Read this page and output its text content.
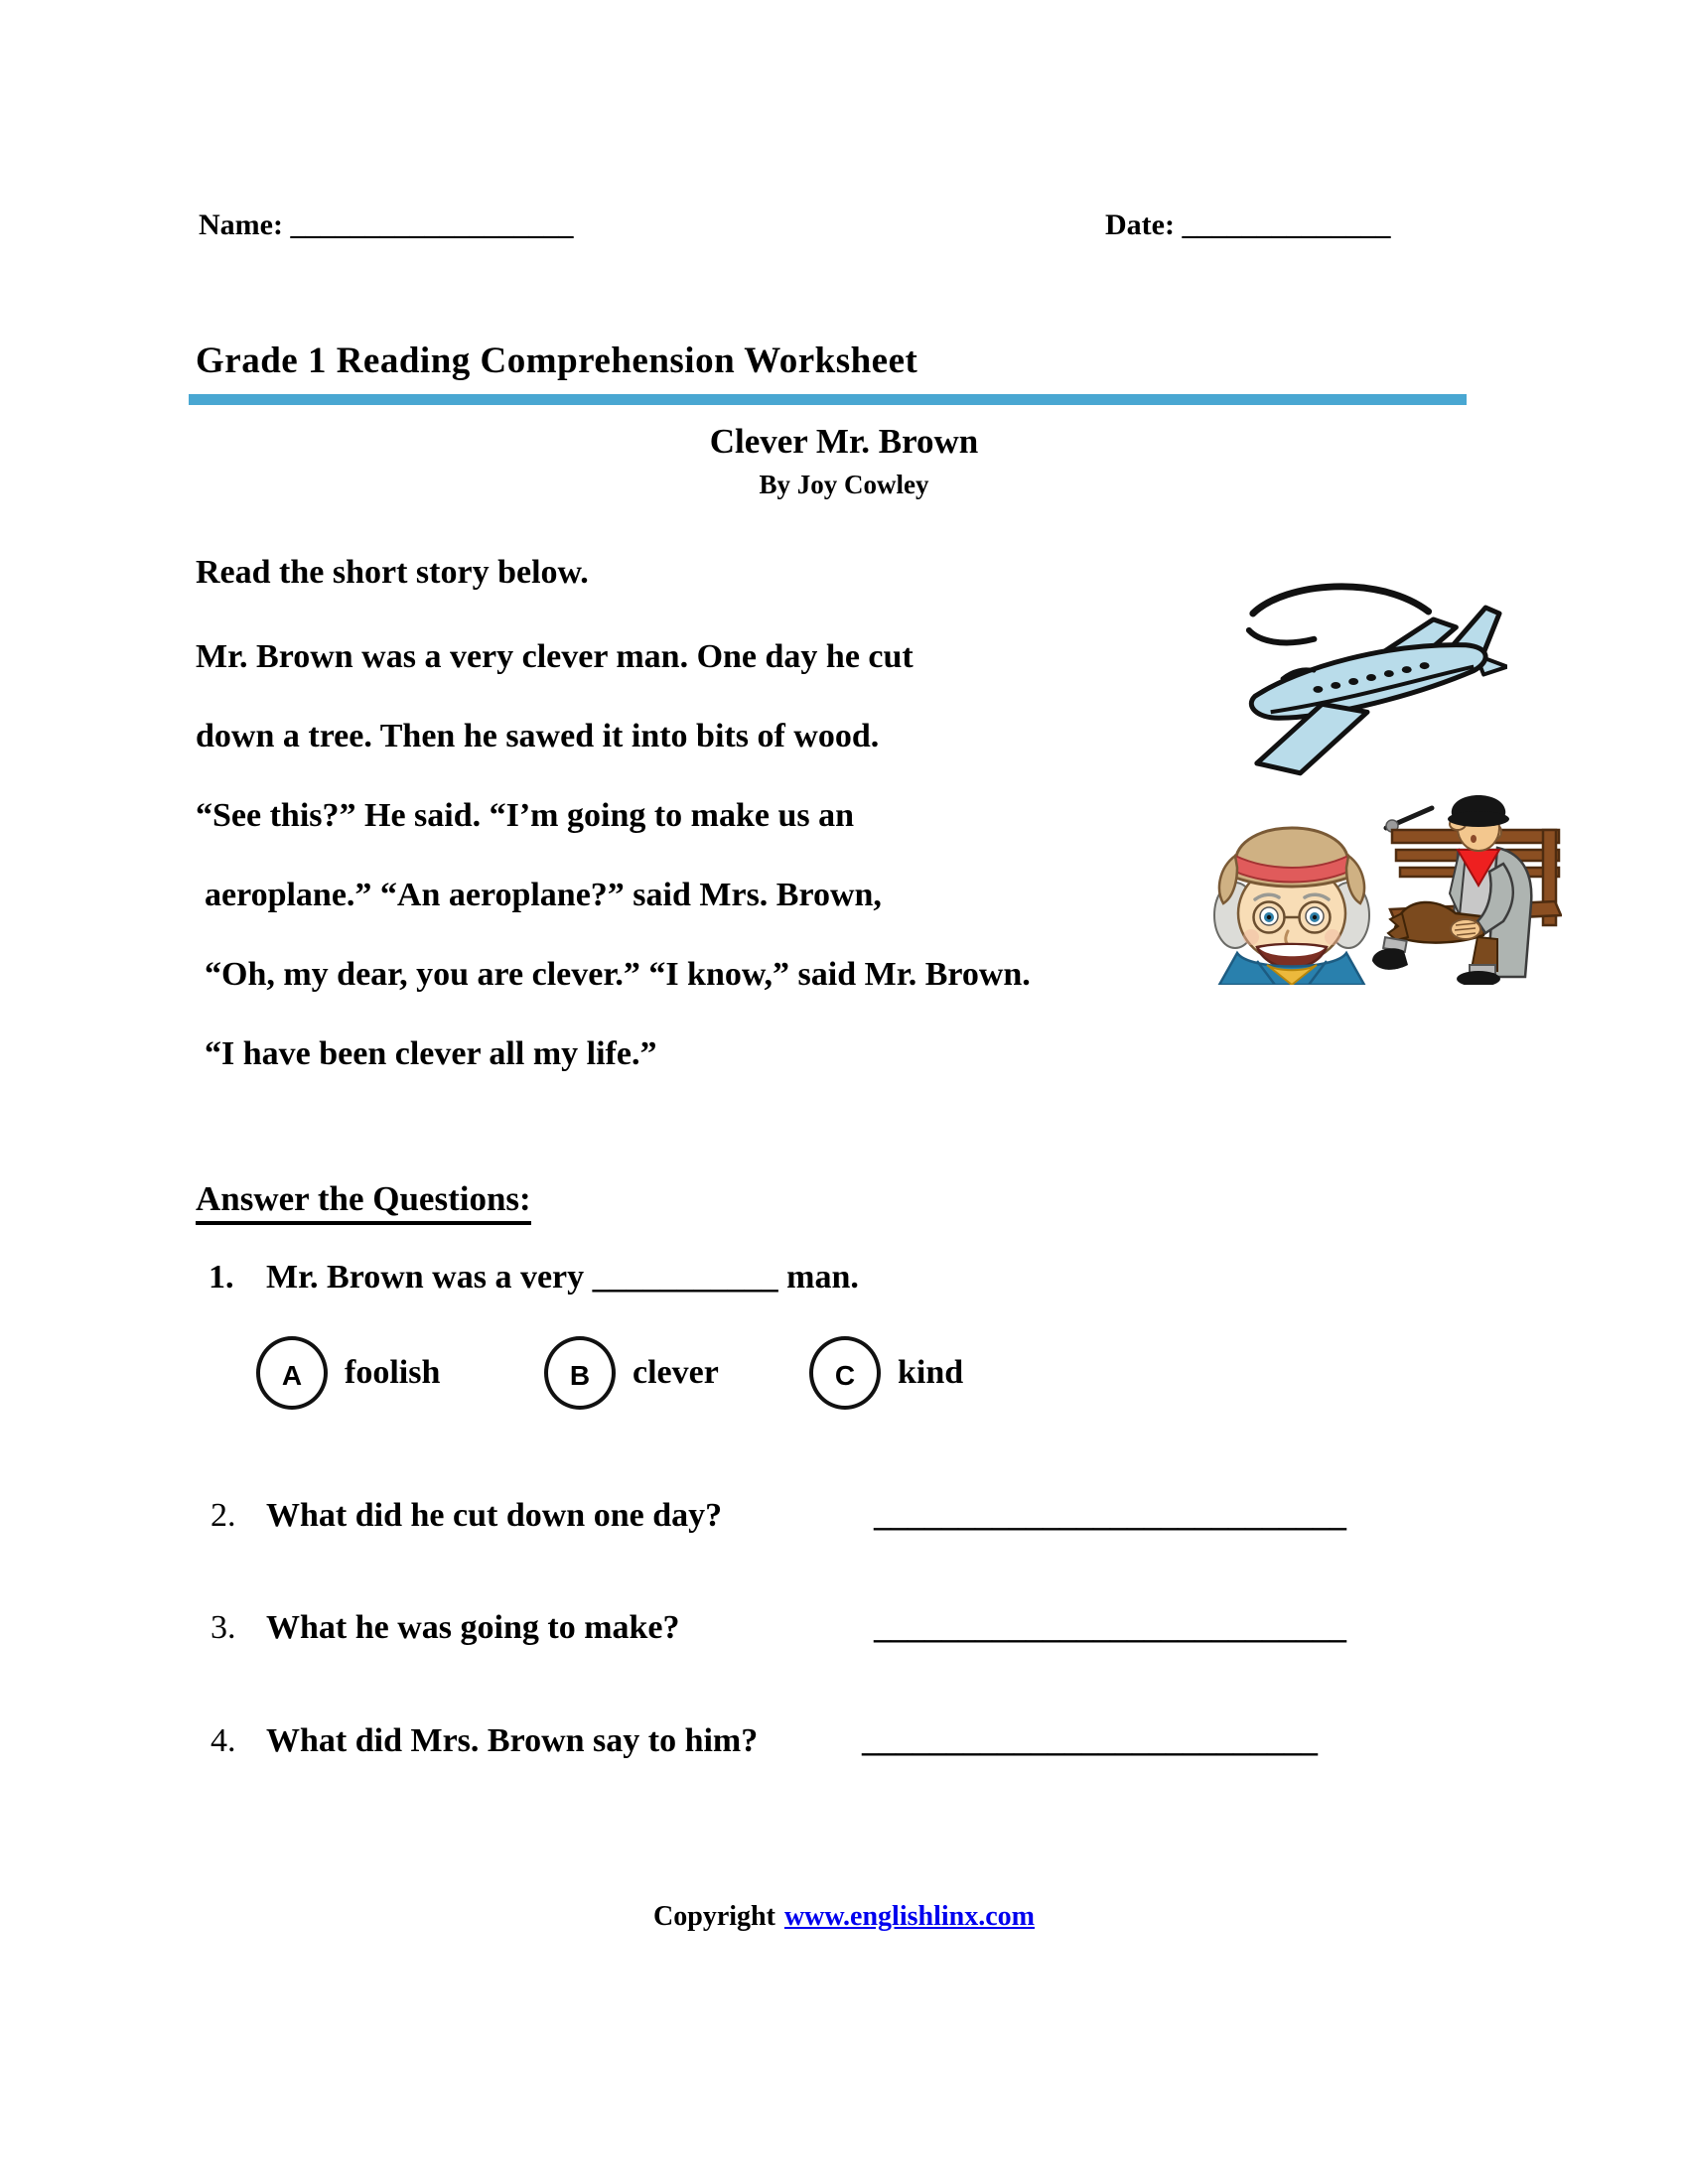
Name: ___________________	Date: ______________
Grade 1 Reading Comprehension Worksheet
Clever Mr. Brown
By Joy Cowley
Read the short story below.
Mr. Brown was a very clever man. One day he cut
down a tree. Then he sawed it into bits of wood.
“See this?” He said. “I’m going to make us an
aeroplane.” “An aeroplane?” said Mrs. Brown,
“Oh, my dear, you are clever.” “I know,” said Mr. Brown.
“I have been clever all my life.”
Answer the Questions:
1. Mr. Brown was a very ___________ man.
A	foolish	B	clever	C	kind
2. What did he cut down one day?	____________________________
3. What he was going to make?	____________________________
4. What did Mrs. Brown say to him?	___________________________
Copyright www.englishlinx.com
